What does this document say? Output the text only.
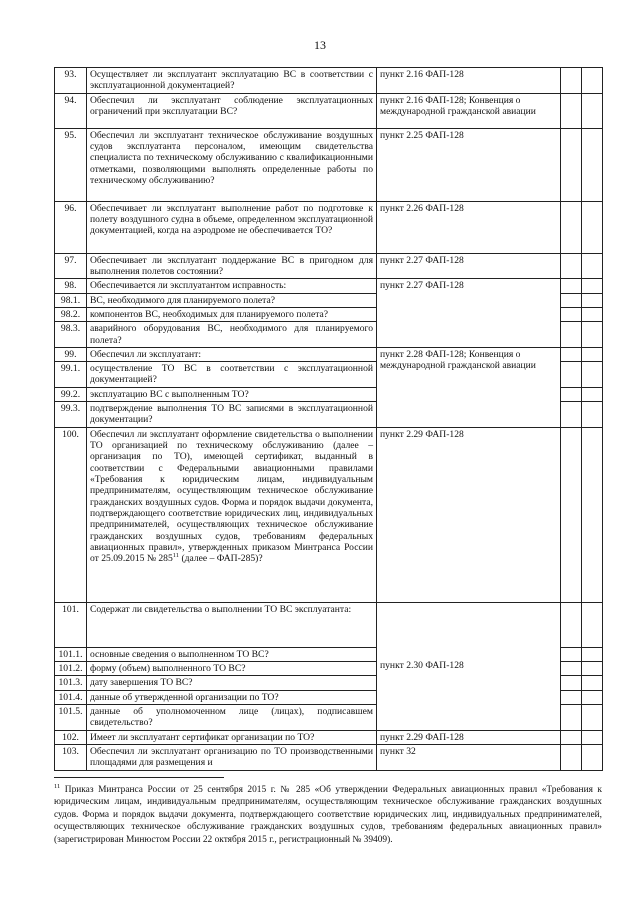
13
93.	Осуществляет ли эксплуатант эксплуатацию ВС в соответствии с эксплуатационной документацией?	пункт 2.16 ФАП-128		
94.	Обеспечил ли эксплуатант соблюдение эксплуатационных ограничений при эксплуатации ВС?	пункт 2.16 ФАП-128; Конвенция о международной гражданской авиации		
95.	Обеспечил ли эксплуатант техническое обслуживание воздушных судов эксплуатанта персоналом, имеющим свидетельства специалиста по техническому обслуживанию с квалификационными отметками, позволяющими выполнять определенные работы по техническому обслуживанию?	пункт 2.25 ФАП-128		
96.	Обеспечивает ли эксплуатант выполнение работ по подготовке к полету воздушного судна в объеме, определенном эксплуатационной документацией, когда на аэродроме не обеспечивается ТО?	пункт 2.26 ФАП-128		
97.	Обеспечивает ли эксплуатант поддержание ВС в пригодном для выполнения полетов состоянии?	пункт 2.27 ФАП-128		
98.	Обеспечивается ли эксплуатантом исправность:	пункт 2.27 ФАП-128		
98.1.	ВС, необходимого для планируемого полета?			
98.2.	компонентов ВС, необходимых для планируемого полета?			
98.3.	аварийного оборудования ВС, необходимого для планируемого полета?			
99.	Обеспечил ли эксплуатант:	пункт 2.28 ФАП-128; Конвенция о международной гражданской авиации		
99.1.	осуществление ТО ВС в соответствии с эксплуатационной документацией?			
99.2.	эксплуатацию ВС с выполненным ТО?			
99.3.	подтверждение выполнения ТО ВС записями в эксплуатационной документации?			
100.	Обеспечил ли эксплуатант оформление свидетельства о выполнении ТО организацией по техническому обслуживанию (далее – организация по ТО), имеющей сертификат, выданный в соответствии с Федеральными авиационными правилами «Требования к юридическим лицам, индивидуальным предпринимателям, осуществляющим техническое обслуживание гражданских воздушных судов. Форма и порядок выдачи документа, подтверждающего соответствие юридических лиц, индивидуальных предпринимателей, осуществляющих техническое обслуживание гражданских воздушных судов, требованиям федеральных авиационных правил», утвержденных приказом Минтранса России от 25.09.2015 № $285^{11}$ (далее – ФАП-285)?	пункт 2.29 ФАП-128		
101.	Содержат ли свидетельства о выполнении ТО ВС эксплуатанта:	пункт 2.30 ФАП-128		
101.1.	основные сведения о выполненном ТО ВС?			
101.2.	форму (объем) выполненного ТО ВС?			
101.3.	дату завершения ТО ВС?			
101.4.	данные об утвержденной организации по ТО?			
101.5.	данные об уполномоченном лице (лицах), подписавшем свидетельство?			
102.	Имеет ли эксплуатант сертификат организации по ТО?	пункт 2.29 ФАП-128		
103.	Обеспечил ли эксплуатант организацию по ТО производственными площадями для размещения и	пункт 32		
$^{11}$ Приказ Минтранса России от 25 сентября 2015 г. № 285 «Об утверждении Федеральных авиационных правил «Требования к юридическим лицам, индивидуальным предпринимателям, осуществляющим техническое обслуживание гражданских воздушных судов. Форма и порядок выдачи документа, подтверждающего соответствие юридических лиц, индивидуальных предпринимателей, осуществляющих техническое обслуживание гражданских воздушных судов, требованиям федеральных авиационных правил» (зарегистрирован Минюстом России 22 октября 2015 г., регистрационный № 39409).
